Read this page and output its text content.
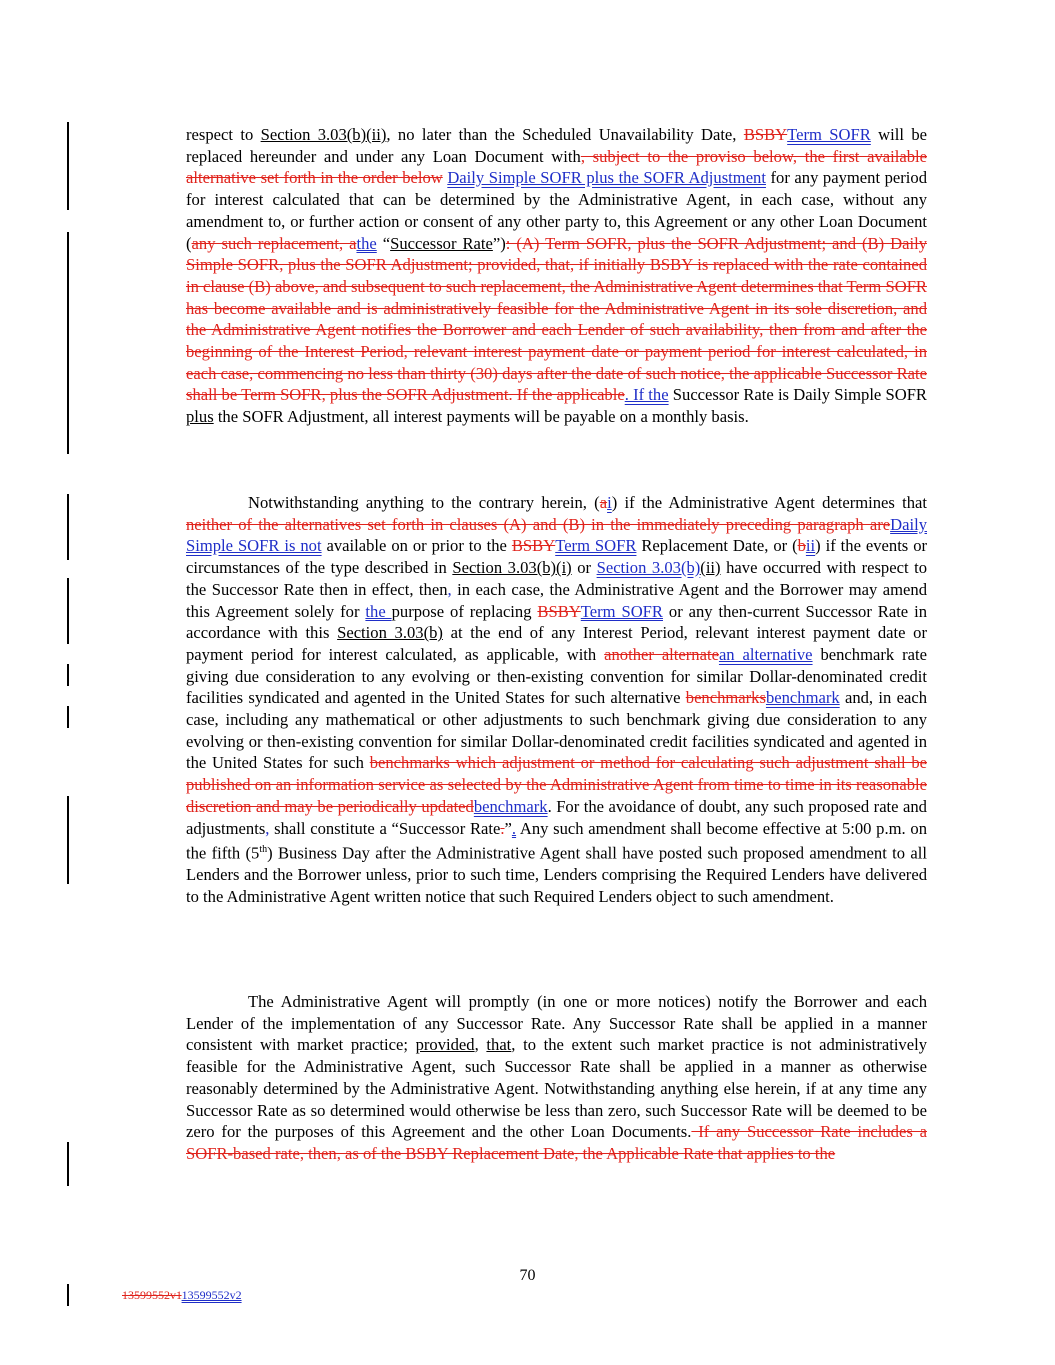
respect to Section 3.03(b)(ii), no later than the Scheduled Unavailability Date, BSBYTerm SOFR will be replaced hereunder and under any Loan Document with, subject to the proviso below, the first available alternative set forth in the order below Daily Simple SOFR plus the SOFR Adjustment for any payment period for interest calculated that can be determined by the Administrative Agent, in each case, without any amendment to, or further action or consent of any other party to, this Agreement or any other Loan Document (any such replacement, athe “Successor Rate”): (A) Term SOFR, plus the SOFR Adjustment; and (B) Daily Simple SOFR, plus the SOFR Adjustment; provided, that, if initially BSBY is replaced with the rate contained in clause (B) above, and subsequent to such replacement, the Administrative Agent determines that Term SOFR has become available and is administratively feasible for the Administrative Agent in its sole discretion, and the Administrative Agent notifies the Borrower and each Lender of such availability, then from and after the beginning of the Interest Period, relevant interest payment date or payment period for interest calculated, in each case, commencing no less than thirty (30) days after the date of such notice, the applicable Successor Rate shall be Term SOFR, plus the SOFR Adjustment. If the applicable. If the Successor Rate is Daily Simple SOFR plus the SOFR Adjustment, all interest payments will be payable on a monthly basis.

Notwithstanding anything to the contrary herein, (ai) if the Administrative Agent determines that neither of the alternatives set forth in clauses (A) and (B) in the immediately preceding paragraph areDaily Simple SOFR is not available on or prior to the BSBYTerm SOFR Replacement Date, or (bii) if the events or circumstances of the type described in Section 3.03(b)(i) or Section 3.03(b)(ii) have occurred with respect to the Successor Rate then in effect, then, in each case, the Administrative Agent and the Borrower may amend this Agreement solely for the purpose of replacing BSBYTerm SOFR or any then-current Successor Rate in accordance with this Section 3.03(b) at the end of any Interest Period, relevant interest payment date or payment period for interest calculated, as applicable, with another alternatean alternative benchmark rate giving due consideration to any evolving or then-existing convention for similar Dollar-denominated credit facilities syndicated and agented in the United States for such alternative benchmarksbenchmark and, in each case, including any mathematical or other adjustments to such benchmark giving due consideration to any evolving or then-existing convention for similar Dollar-denominated credit facilities syndicated and agented in the United States for such benchmarks which adjustment or method for calculating such adjustment shall be published on an information service as selected by the Administrative Agent from time to time in its reasonable discretion and may be periodically updatedbenchmark. For the avoidance of doubt, any such proposed rate and adjustments, shall constitute a “Successor Rate.”. Any such amendment shall become effective at 5:00 p.m. on the fifth (5th) Business Day after the Administrative Agent shall have posted such proposed amendment to all Lenders and the Borrower unless, prior to such time, Lenders comprising the Required Lenders have delivered to the Administrative Agent written notice that such Required Lenders object to such amendment.

The Administrative Agent will promptly (in one or more notices) notify the Borrower and each Lender of the implementation of any Successor Rate. Any Successor Rate shall be applied in a manner consistent with market practice; provided, that, to the extent such market practice is not administratively feasible for the Administrative Agent, such Successor Rate shall be applied in a manner as otherwise reasonably determined by the Administrative Agent. Notwithstanding anything else herein, if at any time any Successor Rate as so determined would otherwise be less than zero, such Successor Rate will be deemed to be zero for the purposes of this Agreement and the other Loan Documents. If any Successor Rate includes a SOFR-based rate, then, as of the BSBY Replacement Date, the Applicable Rate that applies to the

70
13599552v113599552v2
